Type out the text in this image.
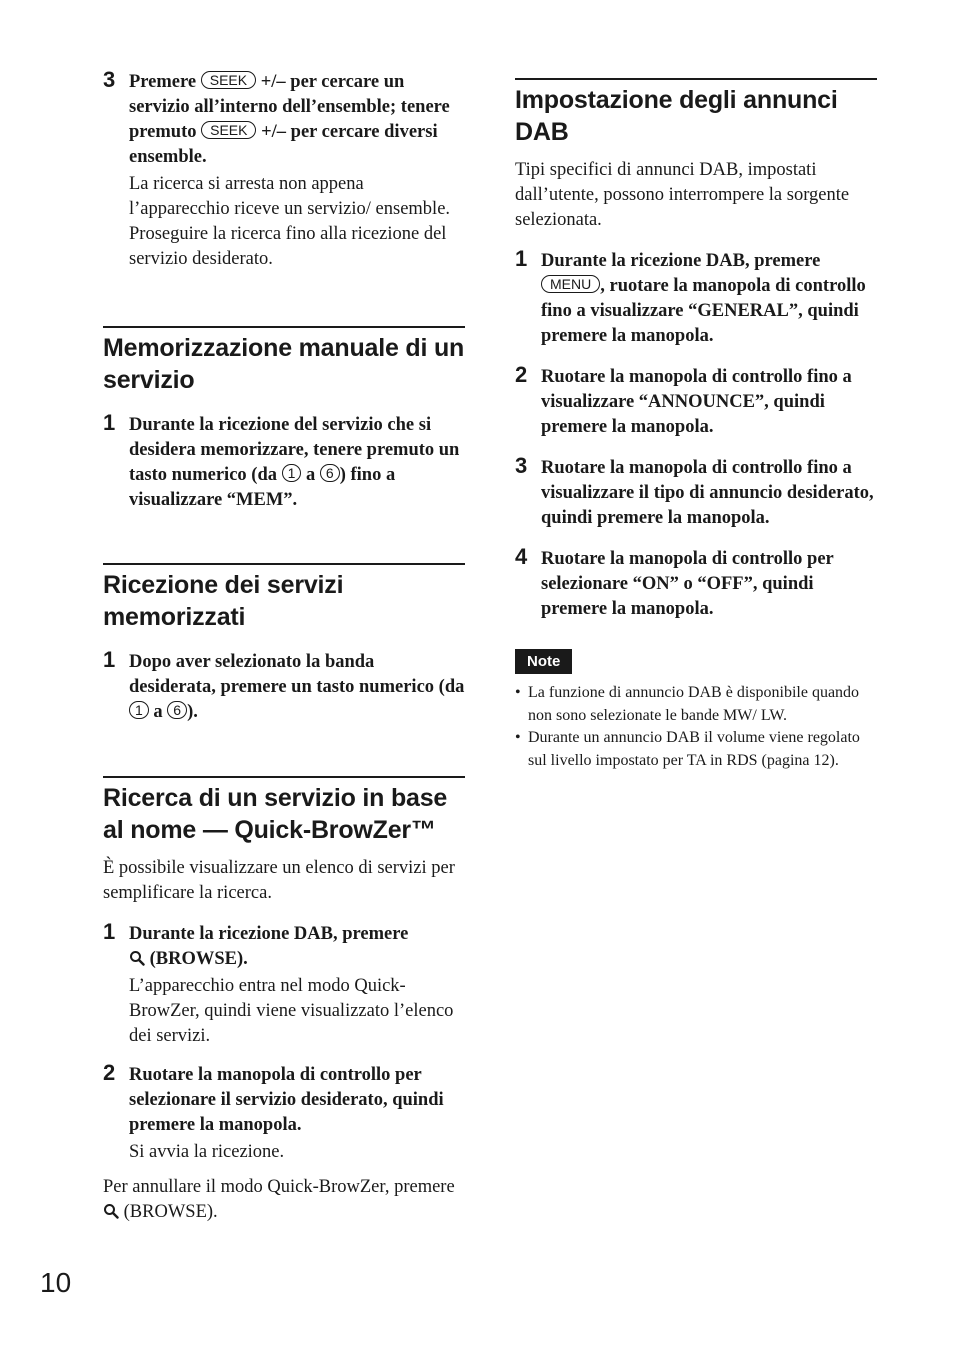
3 Premere SEEK +/– per cercare un servizio all’interno dell’ensemble; tenere premuto SEEK +/– per cercare diversi ensemble.
La ricerca si arresta non appena l’apparecchio riceve un servizio/ ensemble. Proseguire la ricerca fino alla ricezione del servizio desiderato.
Memorizzazione manuale di un servizio
1 Durante la ricezione del servizio che si desidera memorizzare, tenere premuto un tasto numerico (da 1 a 6 ) fino a visualizzare “MEM”.
Ricezione dei servizi memorizzati
1 Dopo aver selezionato la banda desiderata, premere un tasto numerico (da 1 a 6 ).
Ricerca di un servizio in base al nome — Quick-BrowZer™

È possibile visualizzare un elenco di servizi per semplificare la ricerca.

1 Durante la ricezione DAB, premere

(BROWSE).
L’apparecchio entra nel modo Quick-BrowZer, quindi viene visualizzato l’elenco dei servizi.
2 Ruotare la manopola di controllo per selezionare il servizio desiderato, quindi premere la manopola.
Si avvia la ricezione.
Per annullare il modo Quick-BrowZer, premere
(BROWSE).
Impostazione degli annunci DAB

Tipi specifici di annunci DAB, impostati dall’utente, possono interrompere la sorgente selezionata.

1 Durante la ricezione DAB, premere MENU , ruotare la manopola di controllo fino a visualizzare “GENERAL”, quindi premere la manopola.
2 Ruotare la manopola di controllo fino a visualizzare “ANNOUNCE”, quindi premere la manopola.
3 Ruotare la manopola di controllo fino a visualizzare il tipo di annuncio desiderato, quindi premere la manopola.
4 Ruotare la manopola di controllo per selezionare “ON” o “OFF”, quindi premere la manopola.
Note
• La funzione di annuncio DAB è disponibile quando non sono selezionate le bande MW/ LW.
• Durante un annuncio DAB il volume viene regolato sul livello impostato per TA in RDS (pagina 12).
10
